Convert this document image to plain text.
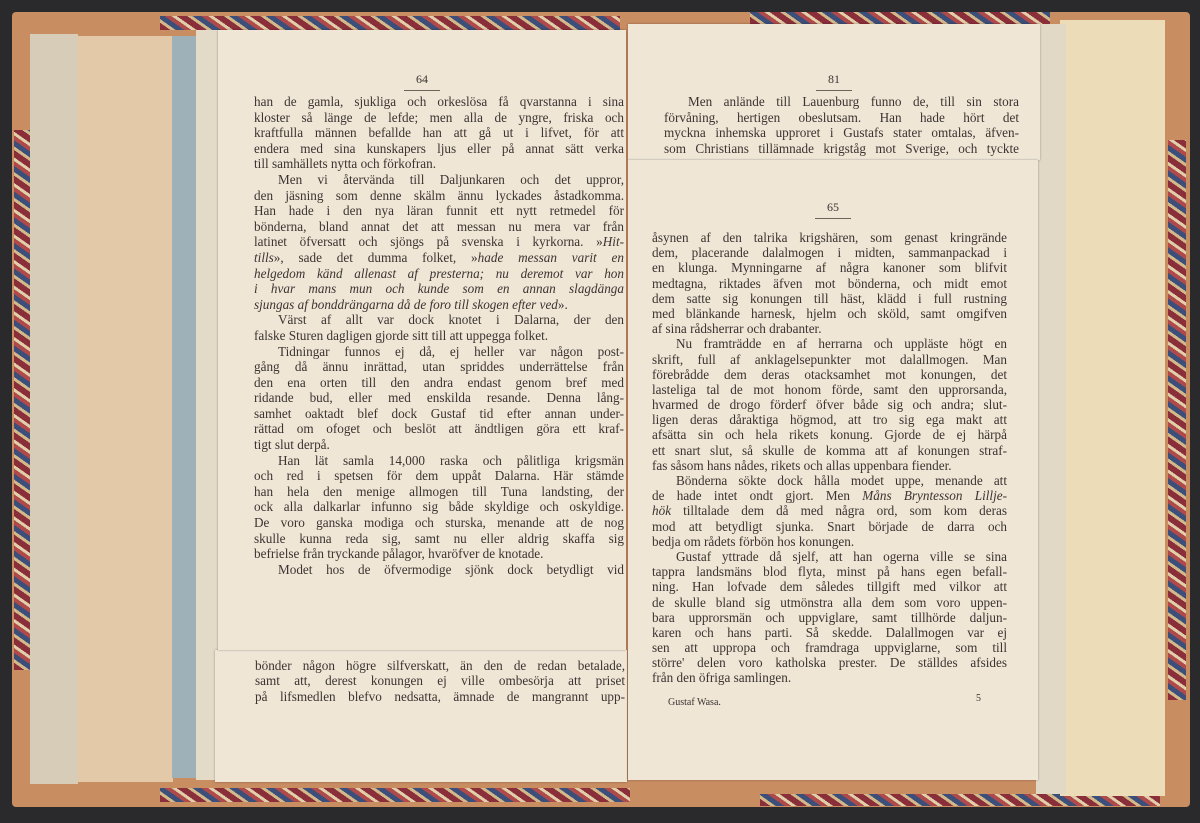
bönder någon högre silfverskatt, än den de redan betalade,
samt att, derest konungen ej ville ombesörja att priset
på lifsmedlen blefvo nedsatta, ämnade de mangrannt upp-
64
han de gamla, sjukliga och orkeslösa få qvarstanna i sina
kloster så länge de lefde; men alla de yngre, friska och
kraftfulla männen befallde han att gå ut i lifvet, för att
endera med sina kunskapers ljus eller på annat sätt verka
till samhällets nytta och förkofran.
Men vi återvända till Daljunkaren och det uppror,
den jäsning som denne skälm ännu lyckades åstadkomma.
Han hade i den nya läran funnit ett nytt retmedel för
bönderna, bland annat det att messan nu mera var från
latinet öfversatt och sjöngs på svenska i kyrkorna. »Hit-
tills», sade det dumma folket, »hade messan varit en
helgedom känd allenast af presterna; nu deremot var hon
i hvar mans mun och kunde som en annan slagdänga
sjungas af bonddrängarna då de foro till skogen efter ved».
Värst af allt var dock knotet i Dalarna, der den
falske Sturen dagligen gjorde sitt till att uppegga folket.
Tidningar funnos ej då, ej heller var någon post-
gång då ännu inrättad, utan spriddes underrättelse från
den ena orten till den andra endast genom bref med
ridande bud, eller med enskilda resande. Denna lång-
samhet oaktadt blef dock Gustaf tid efter annan under-
rättad om ofoget och beslöt att ändtligen göra ett kraf-
tigt slut derpå.
Han lät samla 14,000 raska och pålitliga krigsmän
och red i spetsen för dem uppåt Dalarna. Här stämde
han hela den menige allmogen till Tuna landsting, der
ock alla dalkarlar infunno sig både skyldige och oskyldige.
De voro ganska modiga och sturska, menande att de nog
skulle kunna reda sig, samt nu eller aldrig skaffa sig
befrielse från tryckande pålagor, hvaröfver de knotade.
Modet hos de öfvermodige sjönk dock betydligt vid
81
Men anlände till Lauenburg funno de, till sin stora
förvåning, hertigen obeslutsam. Han hade hört det
myckna inhemska upproret i Gustafs stater omtalas, äfven-
som Christians tillämnade krigståg mot Sverige, och tyckte
65
åsynen af den talrika krigshären, som genast kringrände
dem, placerande dalalmogen i midten, sammanpackad i
en klunga. Mynningarne af några kanoner som blifvit
medtagna, riktades äfven mot bönderna, och midt emot
dem satte sig konungen till häst, klädd i full rustning
med blänkande harnesk, hjelm och sköld, samt omgifven
af sina rådsherrar och drabanter.
Nu framträdde en af herrarna och uppläste högt en
skrift, full af anklagelsepunkter mot dalallmogen. Man
förebrådde dem deras otacksamhet mot konungen, det
lasteliga tal de mot honom förde, samt den upprorsanda,
hvarmed de drogo förderf öfver både sig och andra; slut-
ligen deras dåraktiga högmod, att tro sig ega makt att
afsätta sin och hela rikets konung. Gjorde de ej härpå
ett snart slut, så skulle de komma att af konungen straf-
fas såsom hans nådes, rikets och allas uppenbara fiender.
Bönderna sökte dock hålla modet uppe, menande att
de hade intet ondt gjort. Men Måns Bryntesson Lillje-
hök tilltalade dem då med några ord, som kom deras
mod att betydligt sjunka. Snart började de darra och
bedja om rådets förbön hos konungen.
Gustaf yttrade då sjelf, att han ogerna ville se sina
tappra landsmäns blod flyta, minst på hans egen befall-
ning. Han lofvade dem således tillgift med vilkor att
de skulle bland sig utmönstra alla dem som voro uppen-
bara upprorsmän och uppviglare, samt tillhörde daljun-
karen och hans parti. Så skedde. Dalallmogen var ej
sen att uppropa och framdraga uppviglarne, som till
större' delen voro katholska prester. De ställdes afsides
från den öfriga samlingen.
Gustaf Wasa.	5
